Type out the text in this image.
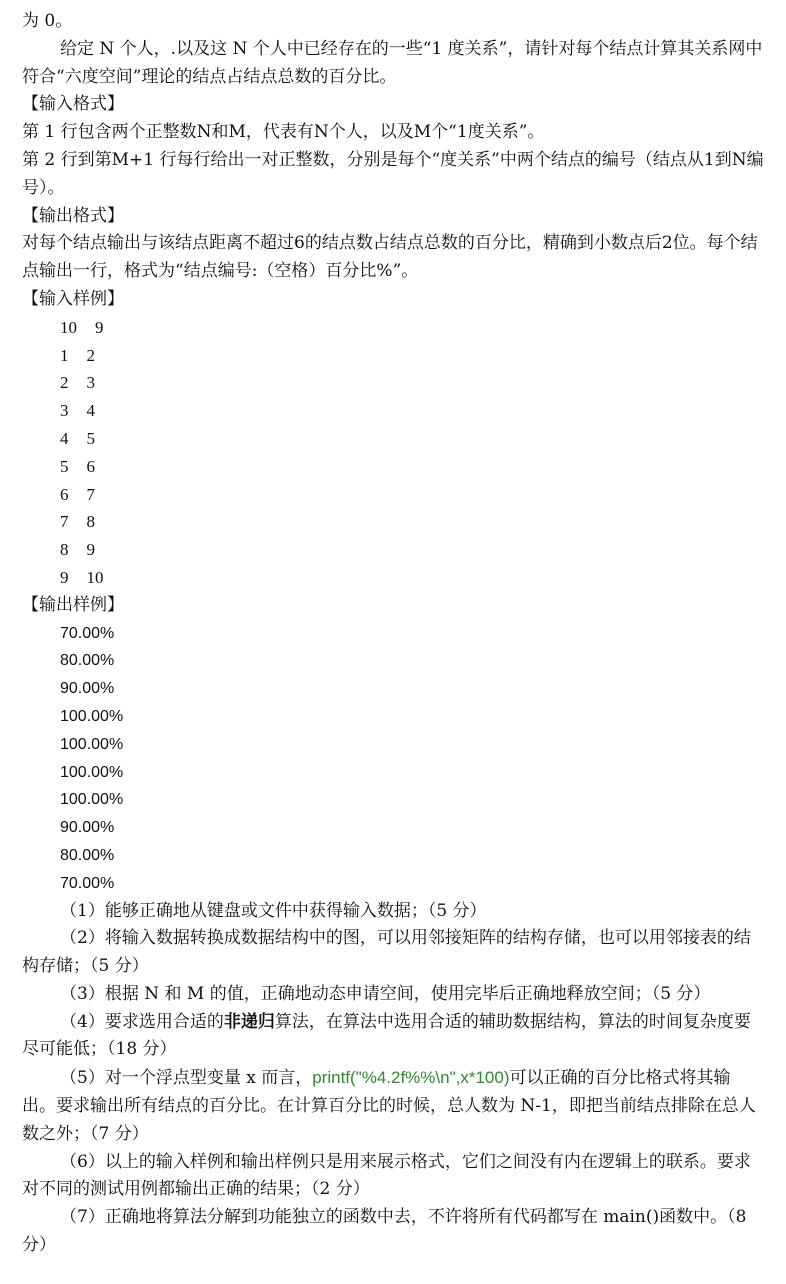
为 0。
给定 N 个人，.以及这 N 个人中已经存在的一些“1 度关系”，请针对每个结点计算其关系网中符合“六度空间”理论的结点占结点总数的百分比。
【输入格式】
第 1 行包含两个正整数N和M，代表有N个人，以及M个“1度关系”。
第 2 行到第M+1 行每行给出一对正整数，分别是每个“度关系”中两个结点的编号（结点从1到N编号）。
【输出格式】
对每个结点输出与该结点距离不超过6的结点数占结点总数的百分比，精确到小数点后2位。每个结点输出一行，格式为“结点编号:（空格）百分比%”。
【输入样例】
10 9
1 2
2 3
3 4
4 5
5 6
6 7
7 8
8 9
9 10
【输出样例】
70.00%
80.00%
90.00%
100.00%
100.00%
100.00%
100.00%
90.00%
80.00%
70.00%
（1）能够正确地从键盘或文件中获得输入数据；（5 分）
（2）将输入数据转换成数据结构中的图，可以用邻接矩阵的结构存储，也可以用邻接表的结构存储；（5 分）
（3）根据 N 和 M 的值，正确地动态申请空间，使用完毕后正确地释放空间；（5 分）
（4）要求选用合适的非递归算法，在算法中选用合适的辅助数据结构，算法的时间复杂度要尽可能低；（18 分）
（5）对一个浮点型变量 x 而言，printf("%4.2f%%\n",x*100)可以正确的百分比格式将其输出。要求输出所有结点的百分比。在计算百分比的时候，总人数为 N-1，即把当前结点排除在总人数之外；（7 分）
（6）以上的输入样例和输出样例只是用来展示格式，它们之间没有内在逻辑上的联系。要求对不同的测试用例都输出正确的结果；（2 分）
（7）正确地将算法分解到功能独立的函数中去，不许将所有代码都写在 main()函数中。（8 分）
